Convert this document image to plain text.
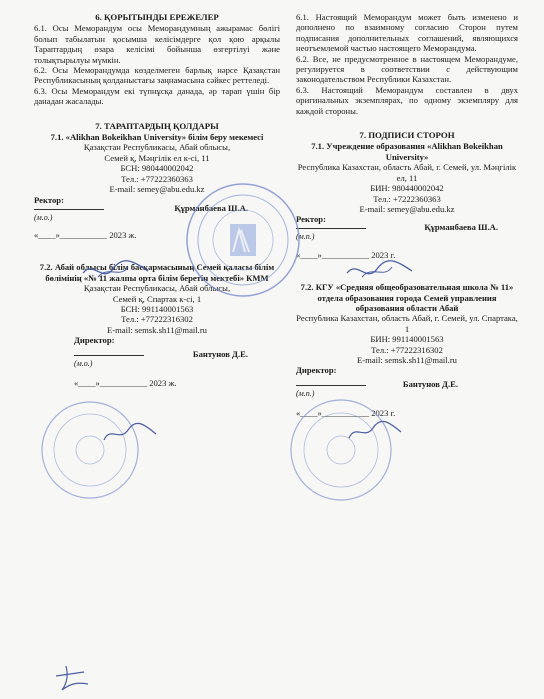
6. ҚОРЫТЫНДЫ ЕРЕЖЕЛЕР

6.1. Осы Меморандум осы Меморандумның ажырамас бөлігі болып табылатын қосымша келісімдерге қол қою арқылы Тараптардың өзара келісімі бойынша өзгертілуі және толықтырылуы мүмкін.

6.2. Осы Меморандумда көзделмеген барлық нәрсе Қазақстан Республикасының қолданыстағы заңнамасына сәйкес реттеледі.

6.3. Осы Меморандум екі түпнұсқа данада, әр тарап үшін бір данадан жасалады.

7. ТАРАПТАРДЫҢ ҚОЛДАРЫ
7.1. «Alikhan Bokeikhan University» білім беру мекемесі
Қазақстан Республикасы, Абай облысы,
Семей қ, Мәңгілік ел к-сі, 11
БСН: 980440002042
Тел.: +77222360363
E-mail: semey@abu.edu.kz
Ректор:
Құрманбаева Ш.А.
(м.о.)
«____»___________ 2023 ж.
7.2. Абай облысы білім басқармасының Семей қаласы білім бөлімінің «№ 11 жалпы орта білім беретін мектебі» КММ
Қазақстан Республикасы, Абай облысы,
Семей қ, Спартак к-сі, 1
БСН: 991140001563
Тел.: +77222316302
E-mail: semsk.sh11@mail.ru
Директор:
Бантунов Д.Е.
(м.о.)
«____»___________ 2023 ж.

6.1. Настоящий Меморандум может быть изменено и дополнено по взаимному согласию Сторон путем подписания дополнительных соглашений, являющихся неотъемлемой частью настоящего Меморандума.

6.2. Все, не предусмотренное в настоящем Меморандуме, регулируется в соответствии с действующим законодательством Республики Казахстан.

6.3. Настоящий Меморандум составлен в двух оригинальных экземплярах, по одному экземпляру для каждой стороны.

7. ПОДПИСИ СТОРОН
7.1. Учреждение образования «Alikhan Bokeikhan University»
Республика Казахстан, область Абай, г. Семей, ул. Мәңгілік ел, 11
БИН: 980440002042
Тел.: +7222360363
E-mail: semey@abu.edu.kz
Ректор:
Құрманбаева Ш.А.
(м.п.)
«____»___________ 2023 г.
7.2. КГУ «Средняя общеобразовательная школа № 11» отдела образования города Семей управления образования области Абай
Республика Казахстан, область Абай, г. Семей, ул. Спартака, 1
БИН: 991140001563
Тел.: +77222316302
E-mail: semsk.sh11@mail.ru
Директор:
Бантунов Д.Е.
(м.п.)
«____»___________ 2023 г.
